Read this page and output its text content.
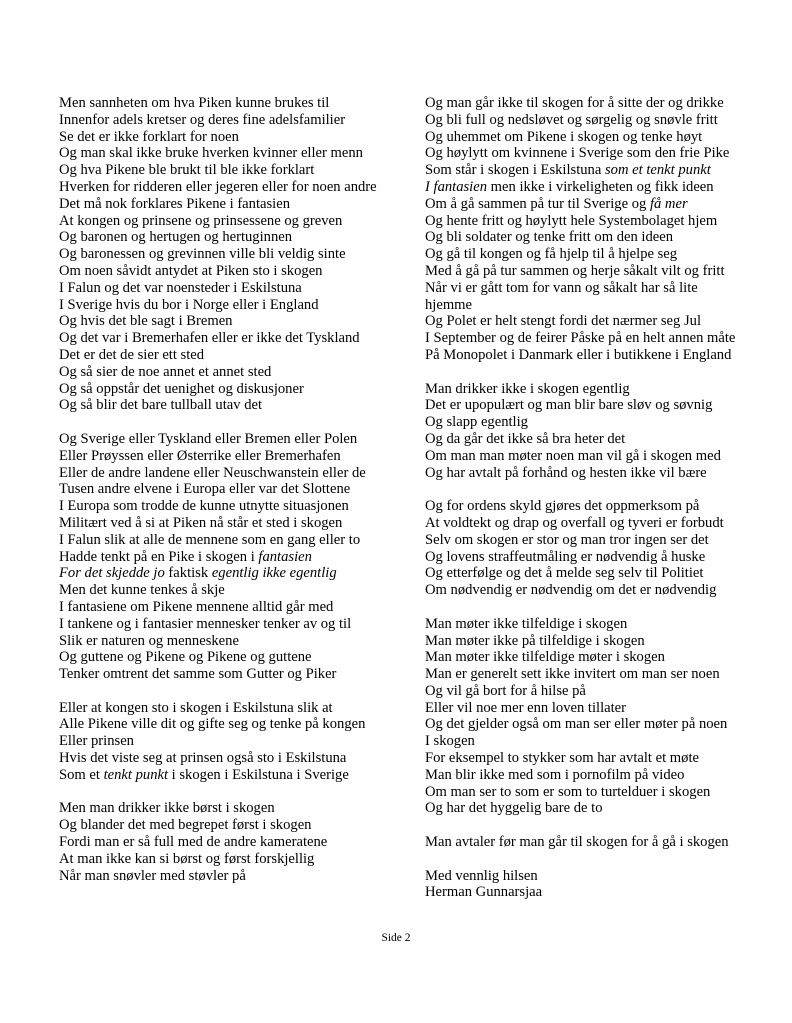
Men sannheten om hva Piken kunne brukes til
Innenfor adels kretser og deres fine adelsfamilier
Se det er ikke forklart for noen
Og man skal ikke bruke hverken kvinner eller menn
Og hva Pikene ble brukt til ble ikke forklart
Hverken for ridderen eller jegeren eller for noen andre
Det må nok forklares Pikene i fantasien
At kongen og prinsene og prinsessene og greven
Og baronen og hertugen og hertuginnen
Og baronessen og grevinnen ville bli veldig sinte
Om noen såvidt antydet at Piken sto i skogen
I Falun og det var noensteder i Eskilstuna
I Sverige hvis du bor i Norge eller i England
Og hvis det ble sagt i Bremen
Og det var i Bremerhafen eller er ikke det Tyskland
Det er det de sier ett sted
Og så sier de noe annet et annet sted
Og så oppstår det uenighet og diskusjoner
Og så blir det bare tullball utav det
Og Sverige eller Tyskland eller Bremen eller Polen
Eller Prøyssen eller Østerrike eller Bremerhafen
Eller de andre landene eller Neuschwanstein eller de
Tusen andre elvene i Europa eller var det Slottene
I Europa som trodde de kunne utnytte situasjonen
Militært ved å si at Piken nå står et sted i skogen
I Falun slik at alle de mennene som en gang eller to
Hadde tenkt på en Pike i skogen i fantasien
For det skjedde jo faktisk egentlig ikke egentlig
Men det kunne tenkes å skje
I fantasiene om Pikene mennene alltid går med
I tankene og i fantasier mennesker tenker av og til
Slik er naturen og menneskene
Og guttene og Pikene og Pikene og guttene
Tenker omtrent det samme som Gutter og Piker
Eller at kongen sto i skogen i Eskilstuna slik at
Alle Pikene ville dit og gifte seg og tenke på kongen
Eller prinsen
Hvis det viste seg at prinsen også sto i Eskilstuna
Som et tenkt punkt i skogen i Eskilstuna i Sverige
Men man drikker ikke børst i skogen
Og blander det med begrepet først i skogen
Fordi man er så full med de andre kameratene
At man ikke kan si børst og først forskjellig
Når man snøvler med støvler på
Og man går ikke til skogen for å sitte der og drikke
Og bli full og nedsløvet og sørgelig og snøvle fritt
Og uhemmet om Pikene i skogen og tenke høyt
Og høylytt om kvinnene i Sverige som den frie Pike
Som står i skogen i Eskilstuna som et tenkt punkt
I fantasien men ikke i virkeligheten og fikk ideen
Om å gå sammen på tur til Sverige og få mer
Og hente fritt og høylytt hele Systembolaget hjem
Og bli soldater og tenke fritt om den ideen
Og gå til kongen og få hjelp til å hjelpe seg
Med å gå på tur sammen og herje såkalt vilt og fritt
Når vi er gått tom for vann og såkalt har så lite
hjemme
Og Polet er helt stengt fordi det nærmer seg Jul
I September og de feirer Påske på en helt annen måte
På Monopolet i Danmark eller i butikkene i England
Man drikker ikke i skogen egentlig
Det er upopulært og man blir bare sløv og søvnig
Og slapp egentlig
Og da går det ikke så bra heter det
Om man man møter noen man vil gå i skogen med
Og har avtalt på forhånd og hesten ikke vil bære
Og for ordens skyld gjøres det oppmerksom på
At voldtekt og drap og overfall og tyveri er forbudt
Selv om skogen er stor og man tror ingen ser det
Og lovens straffeutmåling er nødvendig å huske
Og etterfølge og det å melde seg selv til Politiet
Om nødvendig er nødvendig om det er nødvendig
Man møter ikke tilfeldige i skogen
Man møter ikke på tilfeldige i skogen
Man møter ikke tilfeldige møter i skogen
Man er generelt sett ikke invitert om man ser noen
Og vil gå bort for å hilse på
Eller vil noe mer enn loven tillater
Og det gjelder også om man ser eller møter på noen
I skogen
For eksempel to stykker som har avtalt et møte
Man blir ikke med som i pornofilm på video
Om man ser to som er som to turtelduer i skogen
Og har det hyggelig bare de to
Man avtaler før man går til skogen for å gå i skogen
Med vennlig hilsen
Herman Gunnarsjaa
Side 2
